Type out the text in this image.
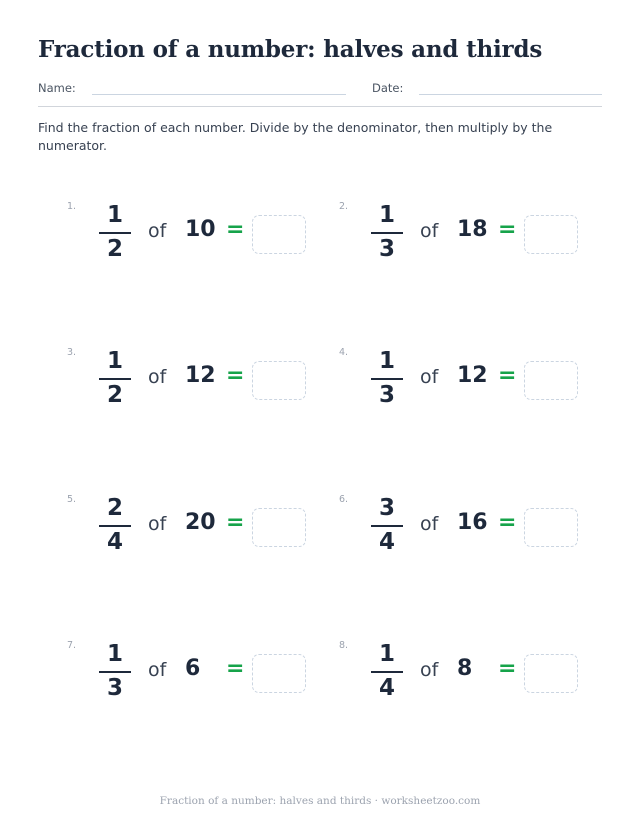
Fraction of a number: halves and thirds
Name:	Date:
Find the fraction of each number. Divide by the denominator, then multiply by the numerator.
1.	1
2
of 10 =
2.	1
3
of 18 =
3.	1
2
of 12 =
4.	1
3
of 12 =
5.	2
4
of 20 =
6.	3
4
of 16 =
7.	1
3
of 6 =
8.	1
4
of 8 =
Fraction of a number: halves and thirds · worksheetzoo.com
